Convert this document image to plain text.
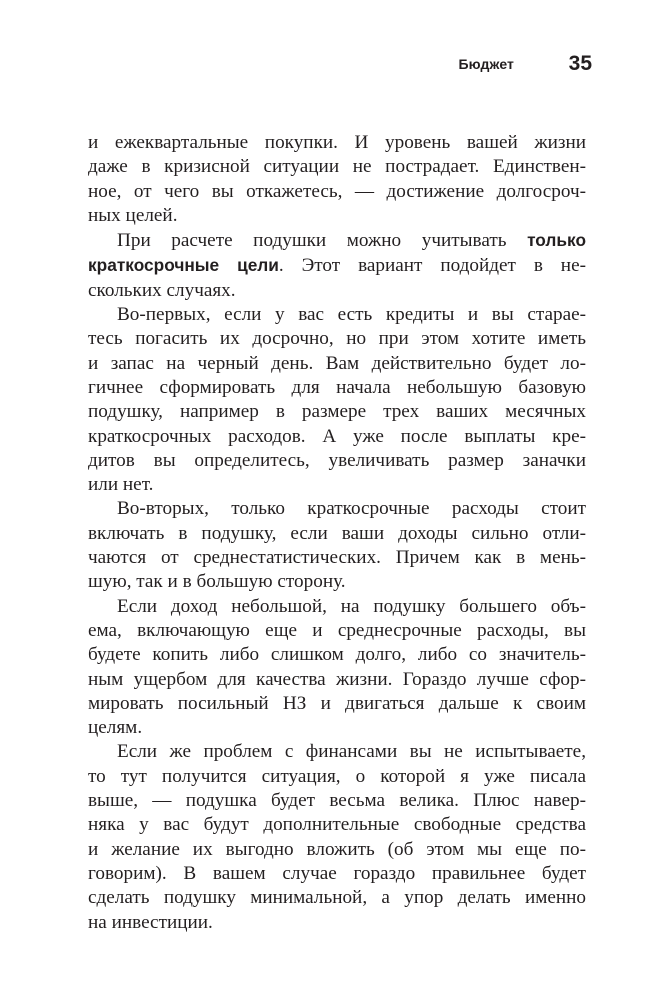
Бюджет	35
и ежеквартальные покупки. И уровень вашей жизни
даже в кризисной ситуации не пострадает. Единствен-
ное, от чего вы откажетесь, — достижение долгосроч-
ных целей.
При расчете подушки можно учитывать только
краткосрочные цели. Этот вариант подойдет в не-
скольких случаях.
Во-первых, если у вас есть кредиты и вы старае-
тесь погасить их досрочно, но при этом хотите иметь
и запас на черный день. Вам действительно будет ло-
гичнее сформировать для начала небольшую базовую
подушку, например в размере трех ваших месячных
краткосрочных расходов. А уже после выплаты кре-
дитов вы определитесь, увеличивать размер заначки
или нет.
Во-вторых, только краткосрочные расходы стоит
включать в подушку, если ваши доходы сильно отли-
чаются от среднестатистических. Причем как в мень-
шую, так и в большую сторону.
Если доход небольшой, на подушку большего объ-
ема, включающую еще и среднесрочные расходы, вы
будете копить либо слишком долго, либо со значитель-
ным ущербом для качества жизни. Гораздо лучше сфор-
мировать посильный НЗ и двигаться дальше к своим
целям.
Если же проблем с финансами вы не испытываете,
то тут получится ситуация, о которой я уже писала
выше, — подушка будет весьма велика. Плюс навер-
няка у вас будут дополнительные свободные средства
и желание их выгодно вложить (об этом мы еще по-
говорим). В вашем случае гораздо правильнее будет
сделать подушку минимальной, а упор делать именно
на инвестиции.
